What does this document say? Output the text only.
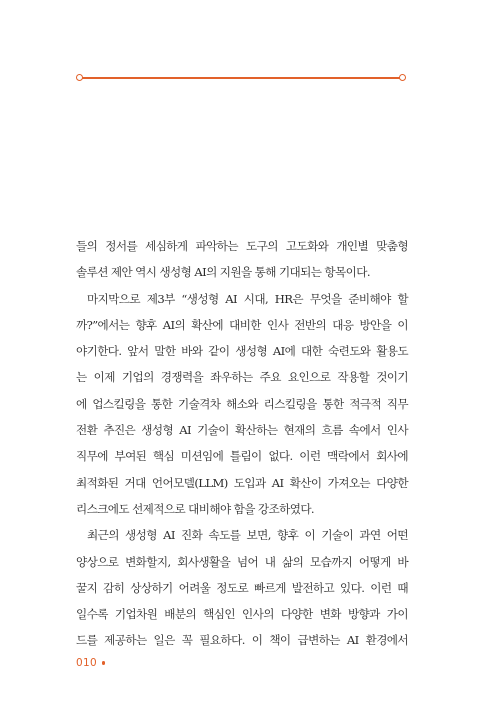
들의 정서를 세심하게 파악하는 도구의 고도화와 개인별 맞춤형
솔루션 제안 역시 생성형 AI의 지원을 통해 기대되는 항목이다.
마지막으로 제3부 “생성형 AI 시대, HR은 무엇을 준비해야 할
까?”에서는 향후 AI의 확산에 대비한 인사 전반의 대응 방안을 이
야기한다. 앞서 말한 바와 같이 생성형 AI에 대한 숙련도와 활용도
는 이제 기업의 경쟁력을 좌우하는 주요 요인으로 작용할 것이기
에 업스킬링을 통한 기술격차 해소와 리스킬링을 통한 적극적 직무
전환 추진은 생성형 AI 기술이 확산하는 현재의 흐름 속에서 인사
직무에 부여된 핵심 미션임에 틀림이 없다. 이런 맥락에서 회사에
최적화된 거대 언어모델(LLM) 도입과 AI 확산이 가져오는 다양한
리스크에도 선제적으로 대비해야 함을 강조하였다.
최근의 생성형 AI 진화 속도를 보면, 향후 이 기술이 과연 어떤
양상으로 변화할지, 회사생활을 넘어 내 삶의 모습까지 어떻게 바
꿀지 감히 상상하기 어려울 정도로 빠르게 발전하고 있다. 이런 때
일수록 기업차원 배분의 핵심인 인사의 다양한 변화 방향과 가이
드를 제공하는 일은 꼭 필요하다. 이 책이 급변하는 AI 환경에서
010
